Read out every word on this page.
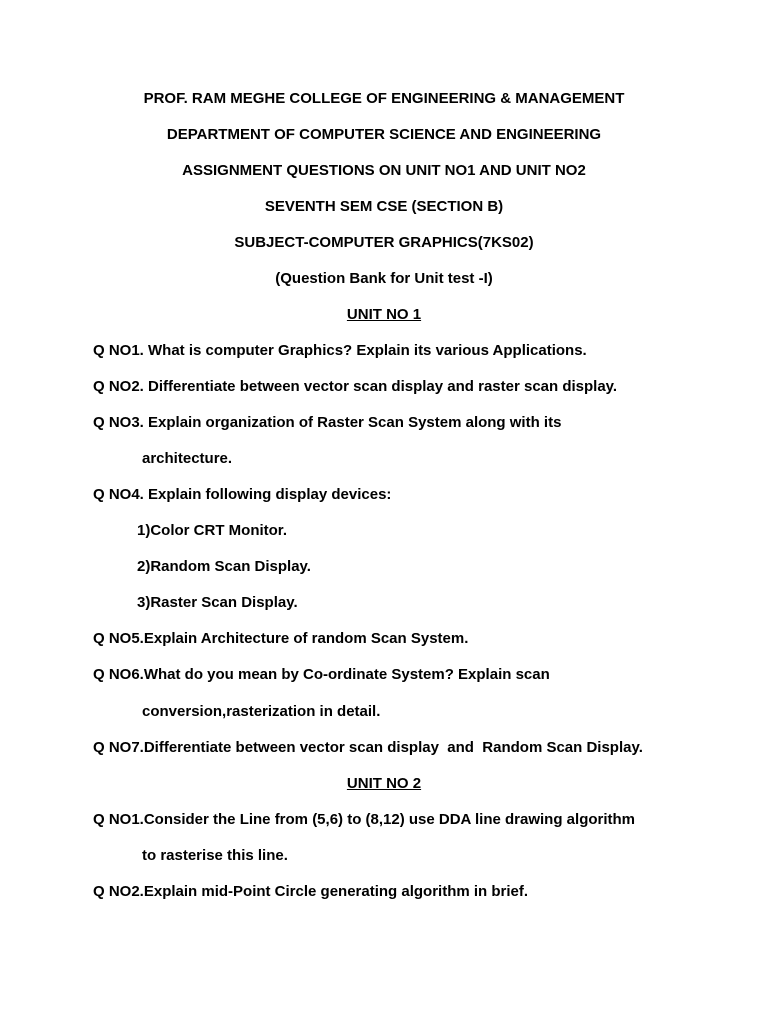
PROF. RAM MEGHE COLLEGE OF ENGINEERING & MANAGEMENT
DEPARTMENT OF COMPUTER SCIENCE AND ENGINEERING
ASSIGNMENT QUESTIONS ON UNIT NO1 AND UNIT NO2
SEVENTH SEM CSE (SECTION B)
SUBJECT-COMPUTER GRAPHICS(7KS02)
(Question Bank for Unit test -I)
UNIT NO 1
Q NO1. What is computer Graphics? Explain its various Applications.
Q NO2. Differentiate between vector scan display and raster scan display.
Q NO3. Explain organization of Raster Scan System along with its
architecture.
Q NO4. Explain following display devices:
1)Color CRT Monitor.
2)Random Scan Display.
3)Raster Scan Display.
Q NO5.Explain Architecture of random Scan System.
Q NO6.What do you mean by Co-ordinate System? Explain scan
conversion,rasterization in detail.
Q NO7.Differentiate between vector scan display  and  Random Scan Display.
UNIT NO 2
Q NO1.Consider the Line from (5,6) to (8,12) use DDA line drawing algorithm
to rasterise this line.
Q NO2.Explain mid-Point Circle generating algorithm in brief.
